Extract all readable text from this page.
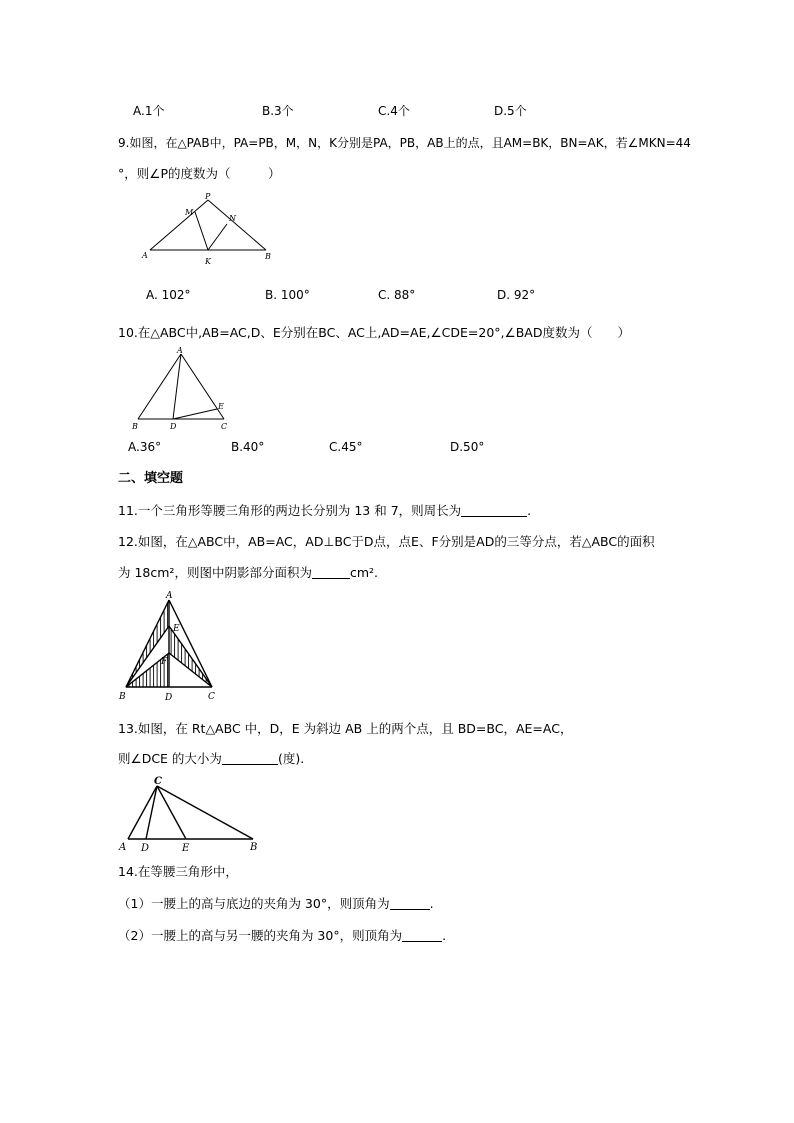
A.1个	B.3个	C.4个	D.5个
9.如图，在△PAB中，PA=PB，M，N，K分别是PA，PB，AB上的点，且AM=BK，BN=AK，若∠MKN=44
°，则∠P的度数为（　　　）
P
M
N
A
K
B
A. 102°	B. 100°	C. 88°	D. 92°
10.在△ABC中,AB=AC,D、E分别在BC、AC上,AD=AE,∠CDE=20°,∠BAD度数为（　　）
A
B	D	C
E
A.36°	B.40°	C.45°	D.50°
二、填空题
11.一个三角形等腰三角形的两边长分别为 13 和 7，则周长为	.
12.如图，在△ABC中，AB=AC，AD⊥BC于D点，点E、F分别是AD的三等分点，若△ABC的面积
为 18cm²，则图中阴影部分面积为	cm².
A
E
F
B	D	C
13.如图，在 Rt△ABC 中，D，E 为斜边 AB 上的两个点，且 BD=BC，AE=AC，
则∠DCE 的大小为	(度).
C
A D	E	B
14.在等腰三角形中，
（1）一腰上的高与底边的夹角为 30°，则顶角为	.
（2）一腰上的高与另一腰的夹角为 30°，则顶角为	.
